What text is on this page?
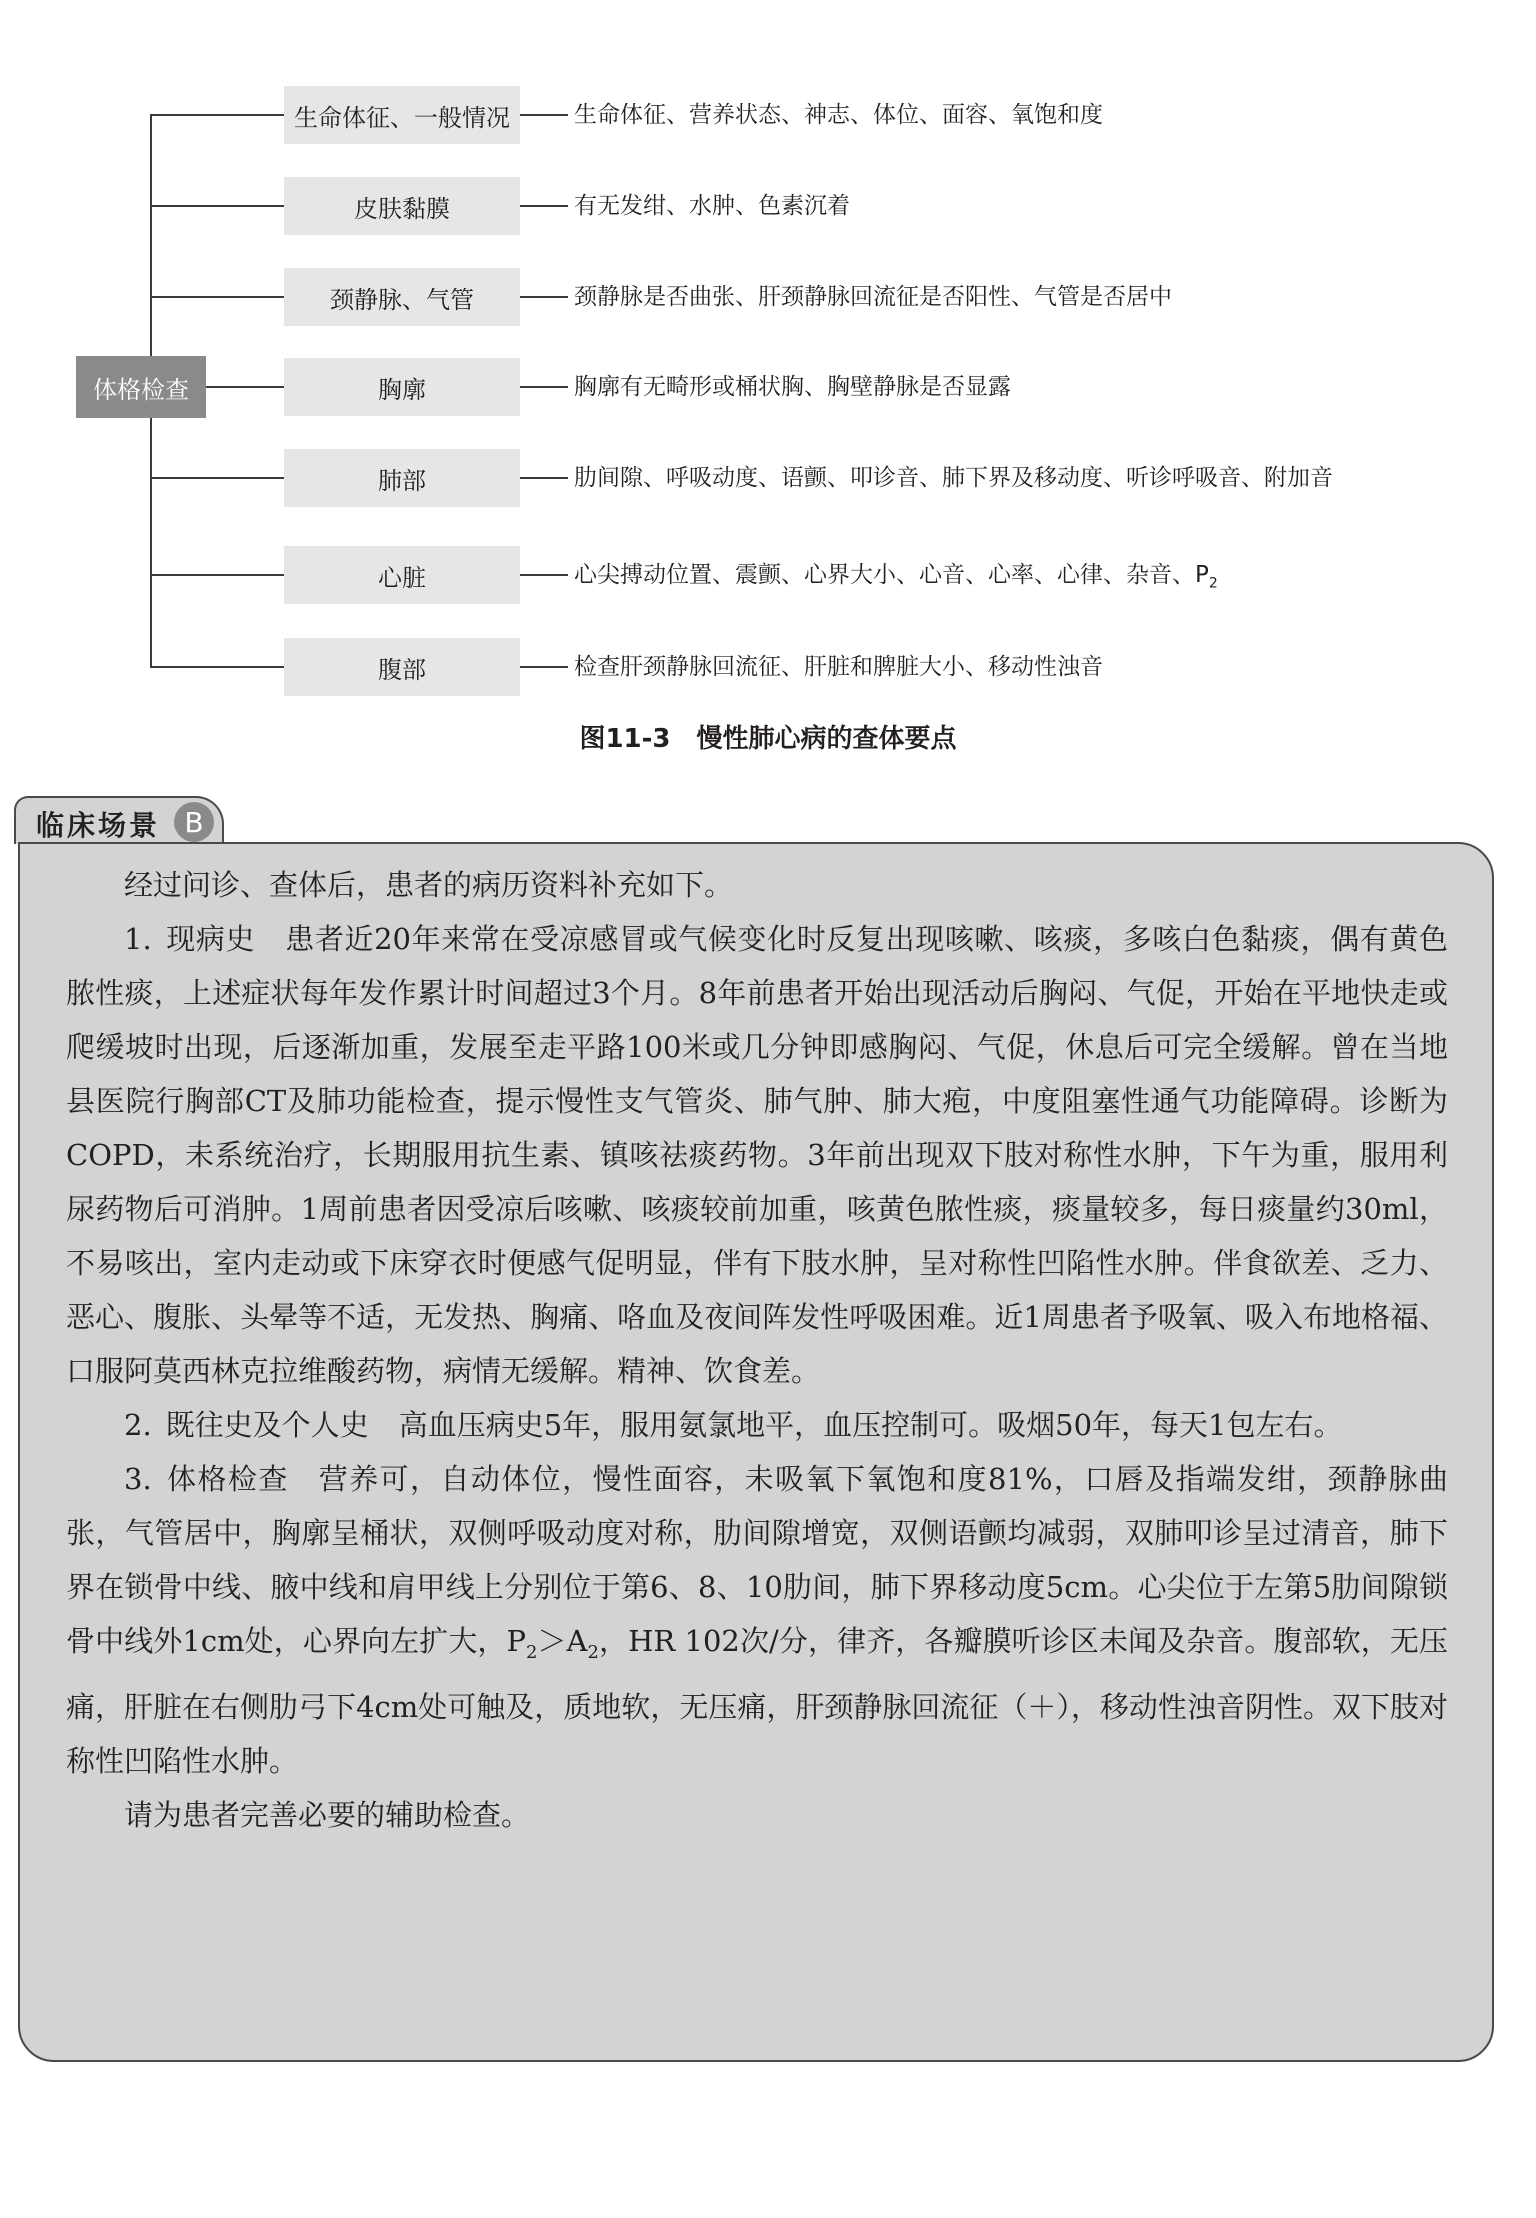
体格检查
生命体征、一般情况
皮肤黏膜
颈静脉、气管
胸廓
肺部
心脏
腹部
生命体征、营养状态、神志、体位、面容、氧饱和度
有无发绀、水肿、色素沉着
颈静脉是否曲张、肝颈静脉回流征是否阳性、气管是否居中
胸廓有无畸形或桶状胸、胸壁静脉是否显露
肋间隙、呼吸动度、语颤、叩诊音、肺下界及移动度、听诊呼吸音、附加音
心尖搏动位置、震颤、心界大小、心音、心率、心律、杂音、$P_2$
检查肝颈静脉回流征、肝脏和脾脏大小、移动性浊音
图11-3 慢性肺心病的查体要点
临床场景 B

经过问诊、查体后，患者的病历资料补充如下。

1. 现病史 患者近20年来常在受凉感冒或气候变化时反复出现咳嗽、咳痰，多咳白色黏痰，偶有黄色脓性痰，上述症状每年发作累计时间超过3个月。8年前患者开始出现活动后胸闷、气促，开始在平地快走或爬缓坡时出现，后逐渐加重，发展至走平路100米或几分钟即感胸闷、气促，休息后可完全缓解。曾在当地县医院行胸部CT及肺功能检查，提示慢性支气管炎、肺气肿、肺大疱，中度阻塞性通气功能障碍。诊断为COPD，未系统治疗，长期服用抗生素、镇咳祛痰药物。3年前出现双下肢对称性水肿，下午为重，服用利尿药物后可消肿。1周前患者因受凉后咳嗽、咳痰较前加重，咳黄色脓性痰，痰量较多，每日痰量约30ml，不易咳出，室内走动或下床穿衣时便感气促明显，伴有下肢水肿，呈对称性凹陷性水肿。伴食欲差、乏力、恶心、腹胀、头晕等不适，无发热、胸痛、咯血及夜间阵发性呼吸困难。近1周患者予吸氧、吸入布地格福、口服阿莫西林克拉维酸药物，病情无缓解。精神、饮食差。

2. 既往史及个人史 高血压病史5年，服用氨氯地平，血压控制可。吸烟50年，每天1包左右。

3. 体格检查 营养可，自动体位，慢性面容，未吸氧下氧饱和度81%，口唇及指端发绀，颈静脉曲张，气管居中，胸廓呈桶状，双侧呼吸动度对称，肋间隙增宽，双侧语颤均减弱，双肺叩诊呈过清音，肺下界在锁骨中线、腋中线和肩甲线上分别位于第6、8、10肋间，肺下界移动度5cm。心尖位于左第5肋间隙锁骨中线外1cm处，心界向左扩大，$P_2>A_2$，HR 102次/分，律齐，各瓣膜听诊区未闻及杂音。腹部软，无压痛，肝脏在右侧肋弓下4cm处可触及，质地软，无压痛，肝颈静脉回流征（＋），移动性浊音阴性。双下肢对称性凹陷性水肿。

请为患者完善必要的辅助检查。
